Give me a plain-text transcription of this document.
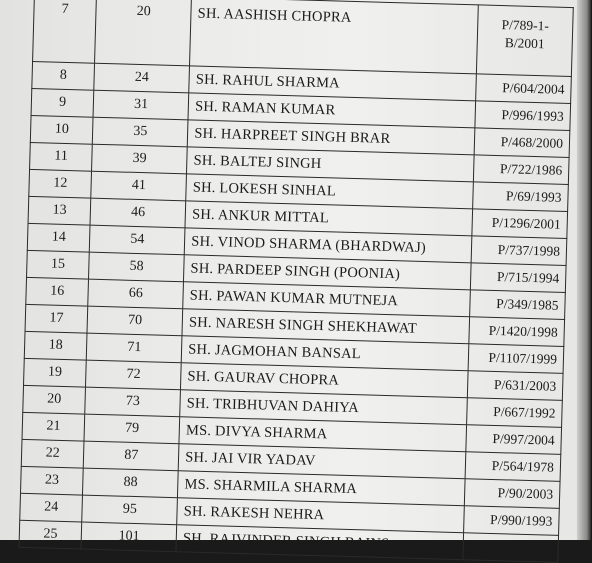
7	20	SH. AASHISH CHOPRA	P/789-1-B/2001
8	24	SH. RAHUL SHARMA	P/604/2004
9	31	SH. RAMAN KUMAR	P/996/1993
10	35	SH. HARPREET SINGH BRAR	P/468/2000
11	39	SH. BALTEJ SINGH	P/722/1986
12	41	SH. LOKESH SINHAL	P/69/1993
13	46	SH. ANKUR MITTAL	P/1296/2001
14	54	SH. VINOD SHARMA (BHARDWAJ)	P/737/1998
15	58	SH. PARDEEP SINGH (POONIA)	P/715/1994
16	66	SH. PAWAN KUMAR MUTNEJA	P/349/1985
17	70	SH. NARESH SINGH SHEKHAWAT	P/1420/1998
18	71	SH. JAGMOHAN BANSAL	P/1107/1999
19	72	SH. GAURAV CHOPRA	P/631/2003
20	73	SH. TRIBHUVAN DAHIYA	P/667/1992
21	79	MS. DIVYA SHARMA	P/997/2004
22	87	SH. JAI VIR YADAV	P/564/1978
23	88	MS. SHARMILA SHARMA	P/90/2003
24	95	SH. RAKESH NEHRA	P/990/1993
25	101	SH. RAJVINDER SINGH BAINS	
